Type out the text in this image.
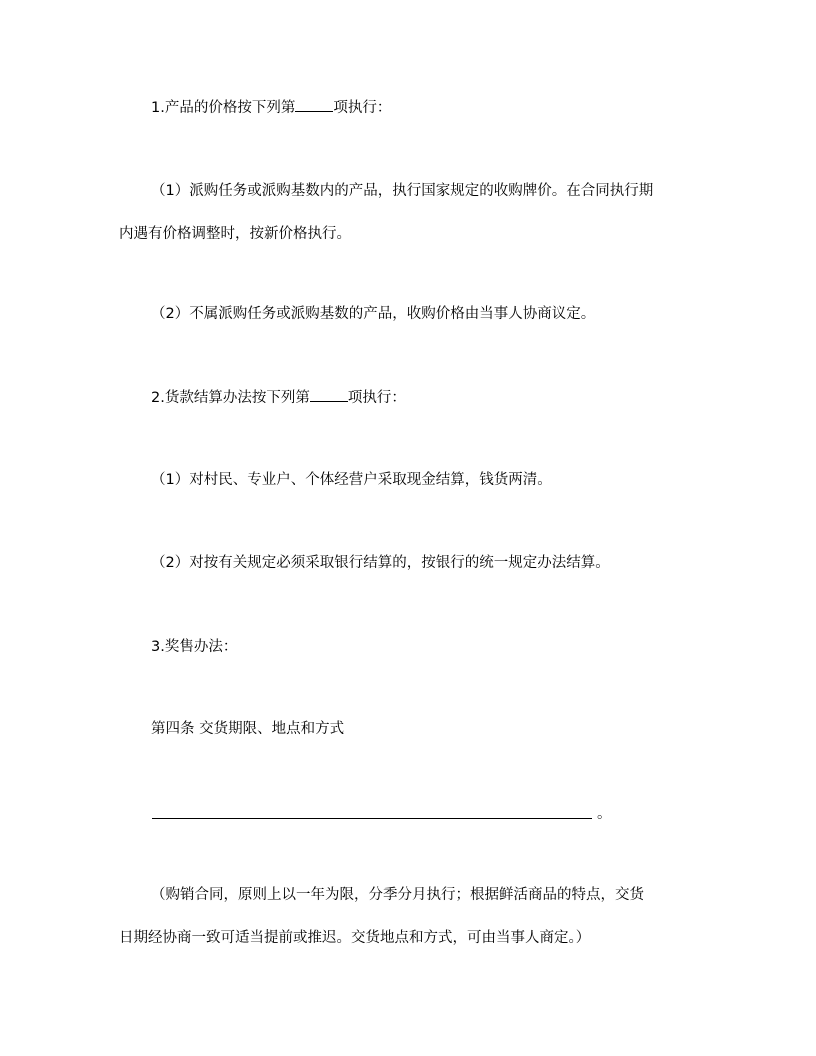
1.产品的价格按下列第	项执行：

（1）派购任务或派购基数内的产品，执行国家规定的收购牌价。在合同执行期

内遇有价格调整时，按新价格执行。

（2）不属派购任务或派购基数的产品，收购价格由当事人协商议定。

2.货款结算办法按下列第	项执行：

（1）对村民、专业户、个体经营户采取现金结算，钱货两清。

（2）对按有关规定必须采取银行结算的，按银行的统一规定办法结算。

3.奖售办法：

第四条 交货期限、地点和方式

。

（购销合同，原则上以一年为限，分季分月执行；根据鲜活商品的特点，交货

日期经协商一致可适当提前或推迟。交货地点和方式，可由当事人商定。）
